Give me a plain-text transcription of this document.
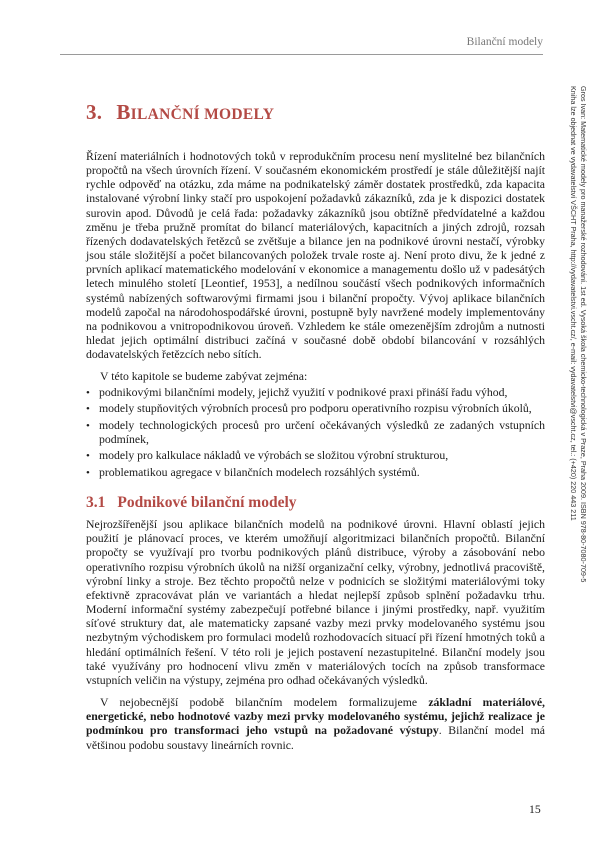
Bilanční modely
Gros Ivan: Matematické modely pro manažerské rozhodování. 1st ed. Vysoká škola chemicko-technologická v Praze, Praha 2009. ISBN 978-80-7080-709-5
Kniha lze objednat ve vydavatelství VŠCHT Praha, http://vydavatelstvi.vscht.cz/, e-mail: vydavatelstvi@vscht.cz, tel.: (+420) 220 443 211
3. BILANČNÍ MODELY

Řízení materiálních i hodnotových toků v reprodukčním procesu není myslitelné bez bilančních propočtů na všech úrovních řízení. V současném ekonomickém prostředí je stále důležitější najít rychle odpověď na otázku, zda máme na podnikatelský záměr dostatek prostředků, zda kapacita instalované výrobní linky stačí pro uspokojení požadavků zákazníků, zda je k dispozici dostatek surovin apod. Důvodů je celá řada: požadavky zákazníků jsou obtížně předvídatelné a každou změnu je třeba pružně promítat do bilancí materiálových, kapacitních a jiných zdrojů, rozsah řízených dodavatelských řetězců se zvětšuje a bilance jen na podnikové úrovni nestačí, výrobky jsou stále složitější a počet bilancovaných položek trvale roste aj. Není proto divu, že k jedné z prvních aplikací matematického modelování v ekonomice a managementu došlo už v padesátých letech minulého století [Leontief, 1953], a nedílnou součástí všech podnikových informačních systémů nabízených softwarovými firmami jsou i bilanční propočty. Vývoj aplikace bilančních modelů započal na národohospodářské úrovni, postupně byly navržené modely implementovány na podnikovou a vnitropodnikovou úroveň. Vzhledem ke stále omezenějším zdrojům a nutnosti hledat jejich optimální distribuci začíná v současné době období bilancování v rozsáhlých dodavatelských řetězcích nebo sítích.

V této kapitole se budeme zabývat zejména:

• podnikovými bilančními modely, jejichž využití v podnikové praxi přináší řadu výhod,
• modely stupňovitých výrobních procesů pro podporu operativního rozpisu výrobních úkolů,
• modely technologických procesů pro určení očekávaných výsledků ze zadaných vstupních podmínek,
• modely pro kalkulace nákladů ve výrobách se složitou výrobní strukturou,
• problematikou agregace v bilančních modelech rozsáhlých systémů.
3.1 Podnikové bilanční modely

Nejrozšířenější jsou aplikace bilančních modelů na podnikové úrovni. Hlavní oblastí jejich použití je plánovací proces, ve kterém umožňují algoritmizaci bilančních propočtů. Bilanční propočty se využívají pro tvorbu podnikových plánů distribuce, výroby a zásobování nebo operativního rozpisu výrobních úkolů na nižší organizační celky, výrobny, jednotlivá pracoviště, výrobní linky a stroje. Bez těchto propočtů nelze v podnicích se složitými materiálovými toky efektivně zpracovávat plán ve variantách a hledat nejlepší způsob splnění požadavku trhu. Moderní informační systémy zabezpečují potřebné bilance i jinými prostředky, např. využitím síťové struktury dat, ale matematicky zapsané vazby mezi prvky modelovaného systému jsou nezbytným východiskem pro formulaci modelů rozhodovacích situací při řízení hmotných toků a hledání optimálních řešení. V této roli je jejich postavení nezastupitelné. Bilanční modely jsou také využívány pro hodnocení vlivu změn v materiálových tocích na způsob transformace vstupních veličin na výstupy, zejména pro odhad očekávaných výsledků.

V nejobecnější podobě bilančním modelem formalizujeme základní materiálové, energetické, nebo hodnotové vazby mezi prvky modelovaného systému, jejichž realizace je podmínkou pro transformaci jeho vstupů na požadované výstupy. Bilanční model má většinou podobu soustavy lineárních rovnic.

15
